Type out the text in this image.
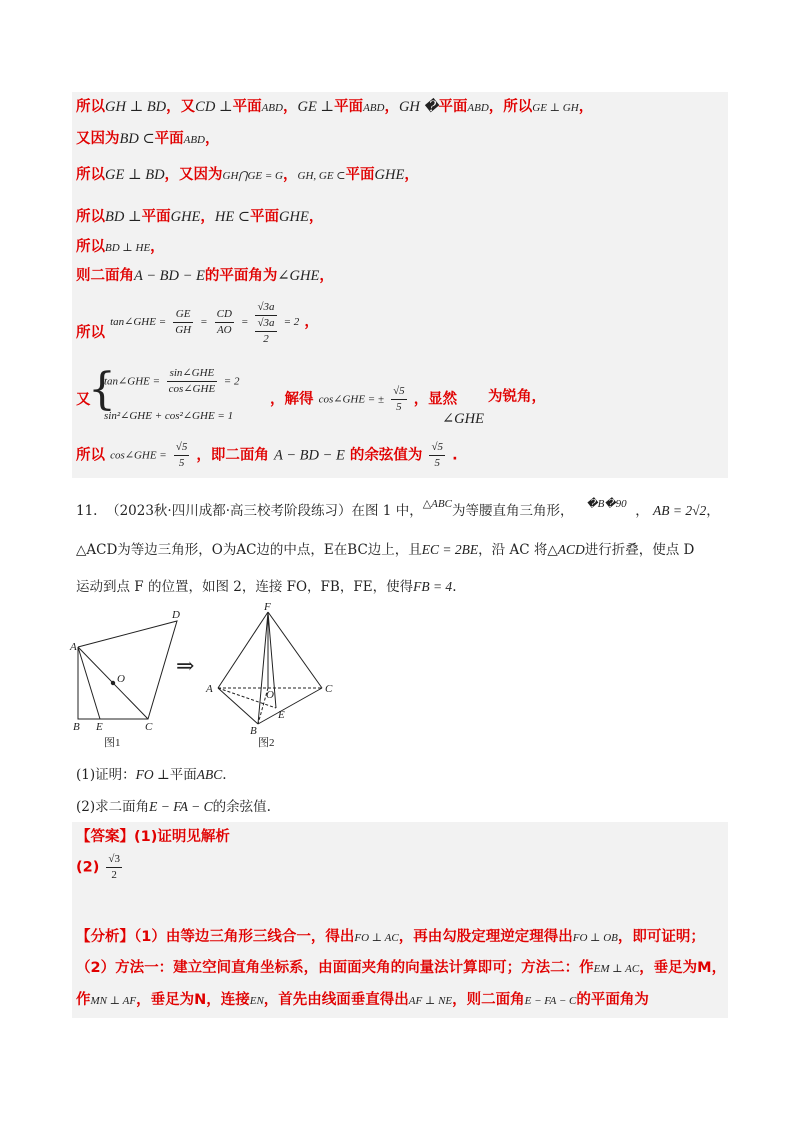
所以GH ⊥ BD，又CD ⊥平面ABD，GE ⊥平面ABD，GH �平面ABD，所以GE ⊥ GH，
又因为BD ⊂平面ABD，
所以GE ⊥ BD，又因为GH⋂GE = G，GH, GE ⊂平面GHE，
所以BD ⊥平面GHE，HE ⊂平面GHE，
所以BD ⊥ HE，
则二面角A − BD − E的平面角为∠GHE，
所以 tan∠GHE = $\frac{GE}{GH} = \frac{CD}{AO}$ =
√3a
√3a
2
= 2 ，
又
{
tan∠GHE = $\frac{\text{sin∠GHE}}{\text{cos∠GHE}} = 2$
sin²∠GHE + cos²∠GHE = 1
，解得 cos∠GHE = ± $\frac{√5}{5}$ ，显然
∠GHE
为锐角，
所以 cos∠GHE = $\frac{√5}{5}$ ，即二面角 A − BD − E 的余弦值为 $\frac{√5}{5}$ .
11. （2023秋·四川成都·高三校考阶段练习）在图 1 中，$^{\triangle ABC}$为等腰直角三角形， $^{�B�90}$ ， AB = 2√2，
△ACD为等边三角形，O为AC边的中点，E在BC边上，且EC = 2BE，沿 AC 将△ACD进行折叠，使点 D
运动到点 F 的位置，如图 2，连接 FO，FB，FE，使得FB = 4.
A
D
O
B E	C
图1
⇒
F
A	C
O
E
B
图2
(1)证明：FO ⊥平面ABC.
(2)求二面角E − FA − C的余弦值.
【答案】(1)证明见解析
$(2) \frac{√3}{2}$
【分析】（1）由等边三角形三线合一，得出FO ⊥ AC，再由勾股定理逆定理得出FO ⊥ OB，即可证明；
（2）方法一：建立空间直角坐标系，由面面夹角的向量法计算即可；方法二：作EM ⊥ AC，垂足为M，
作MN ⊥ AF，垂足为N，连接EN，首先由线面垂直得出AF ⊥ NE，则二面角E − FA − C的平面角为
